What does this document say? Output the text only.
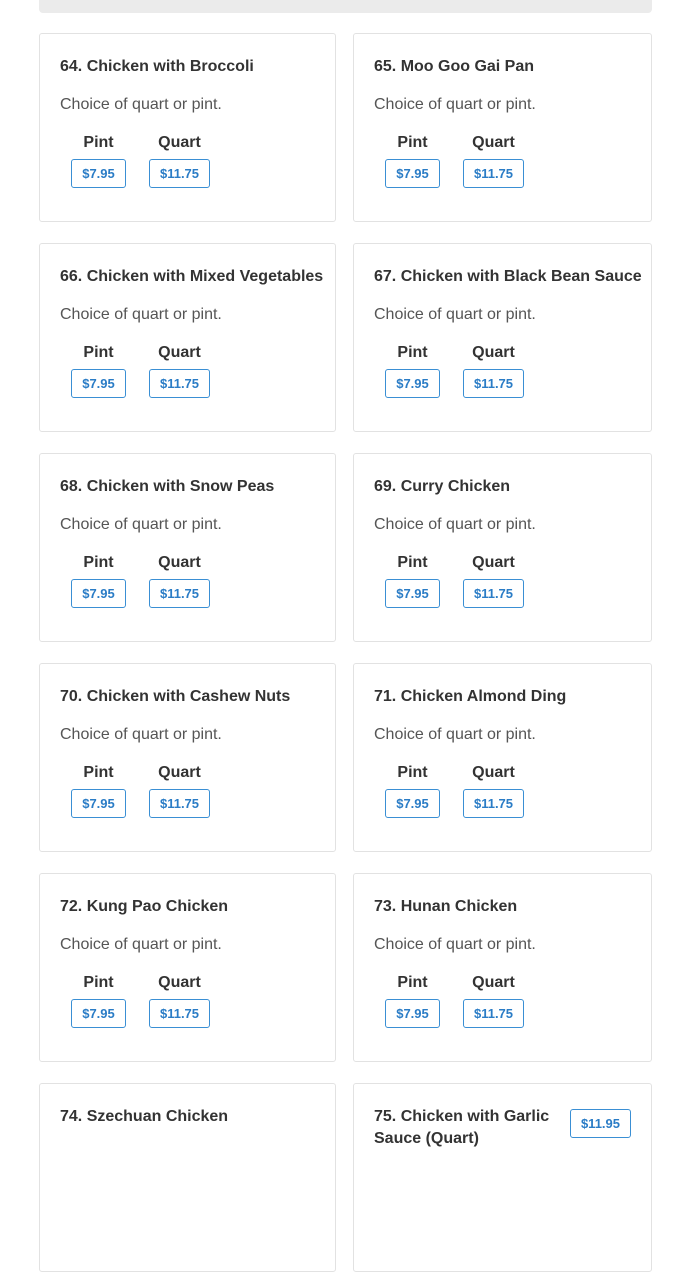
64. Chicken with Broccoli
Choice of quart or pint.
Pint
$7.95
Quart
$11.75
65. Moo Goo Gai Pan
Choice of quart or pint.
Pint
$7.95
Quart
$11.75
66. Chicken with Mixed Vegetables
Choice of quart or pint.
Pint
$7.95
Quart
$11.75
67. Chicken with Black Bean Sauce
Choice of quart or pint.
Pint
$7.95
Quart
$11.75
68. Chicken with Snow Peas
Choice of quart or pint.
Pint
$7.95
Quart
$11.75
69. Curry Chicken
Choice of quart or pint.
Pint
$7.95
Quart
$11.75
70. Chicken with Cashew Nuts
Choice of quart or pint.
Pint
$7.95
Quart
$11.75
71. Chicken Almond Ding
Choice of quart or pint.
Pint
$7.95
Quart
$11.75
72. Kung Pao Chicken
Choice of quart or pint.
Pint
$7.95
Quart
$11.75
73. Hunan Chicken
Choice of quart or pint.
Pint
$7.95
Quart
$11.75
74. Szechuan Chicken	75. Chicken with Garlic Sauce (Quart)
$11.95
